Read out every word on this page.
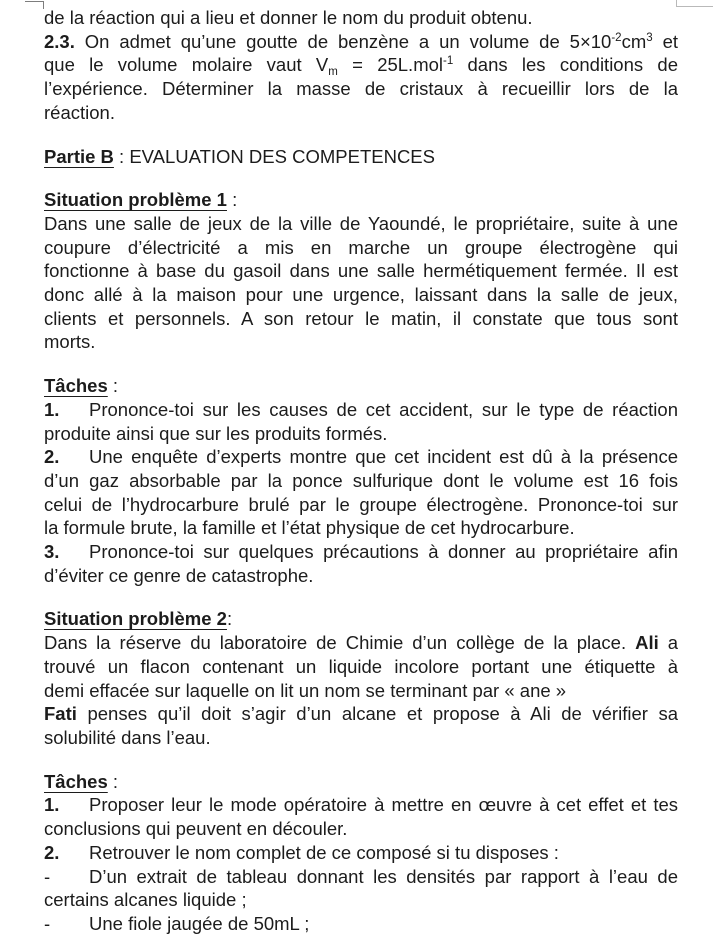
de la réaction qui a lieu et donner le nom du produit obtenu.
2.3. On admet qu’une goutte de benzène a un volume de $5\times 10^{-2}cm^3$ et
que le volume molaire vaut $V_m = 25L.mol^{-1}$ dans les conditions de
l’expérience. Déterminer la masse de cristaux à recueillir lors de la
réaction.
Partie B : EVALUATION DES COMPETENCES
Situation problème 1 :
Dans une salle de jeux de la ville de Yaoundé, le propriétaire, suite à une
coupure d’électricité a mis en marche un groupe électrogène qui
fonctionne à base du gasoil dans une salle hermétiquement fermée. Il est
donc allé à la maison pour une urgence, laissant dans la salle de jeux,
clients et personnels. A son retour le matin, il constate que tous sont
morts.
Tâches :
1. Prononce-toi sur les causes de cet accident, sur le type de réaction
produite ainsi que sur les produits formés.
2. Une enquête d’experts montre que cet incident est dû à la présence
d’un gaz absorbable par la ponce sulfurique dont le volume est 16 fois
celui de l’hydrocarbure brulé par le groupe électrogène. Prononce-toi sur
la formule brute, la famille et l’état physique de cet hydrocarbure.
3. Prononce-toi sur quelques précautions à donner au propriétaire afin
d’éviter ce genre de catastrophe.
Situation problème 2:
Dans la réserve du laboratoire de Chimie d’un collège de la place. Ali a
trouvé un flacon contenant un liquide incolore portant une étiquette à
demi effacée sur laquelle on lit un nom se terminant par « ane »
Fati penses qu’il doit s’agir d’un alcane et propose à Ali de vérifier sa
solubilité dans l’eau.
Tâches :
1. Proposer leur le mode opératoire à mettre en œuvre à cet effet et tes
conclusions qui peuvent en découler.
2. Retrouver le nom complet de ce composé si tu disposes :
- D’un extrait de tableau donnant les densités par rapport à l’eau de
certains alcanes liquide ;
- Une fiole jaugée de 50mL ;
